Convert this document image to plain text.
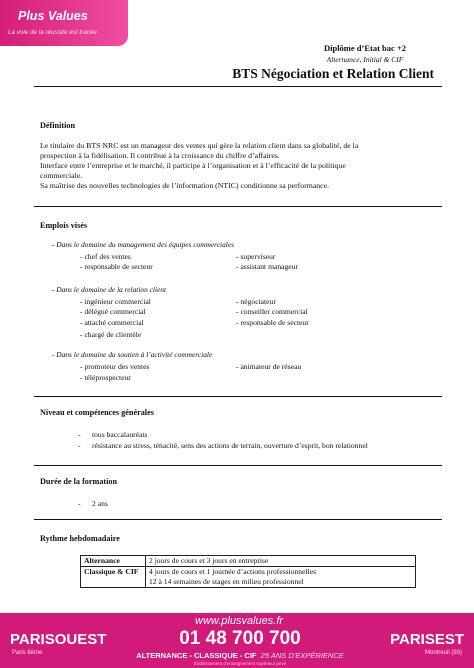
Plus Values
La voie de la réussite est tracée
Diplôme d’Etat bac +2
Alternance, Initial & CIF
BTS Négociation et Relation Client
Définition
Le titulaire du BTS NRC est un manageur des ventes qui gère la relation client dans sa globalité, de la
prospection à la fidélisation. Il contribue à la croissance du chiffre d’affaires.
Interface entre l’entreprise et le marché, il participe à l’organisation et à l’efficacité de la politique
commerciale.
Sa maîtrise des nouvelles technologies de l’information (NTIC) conditionne sa performance.
Emplois visés
- Dans le domaine du management des équipes commerciales
- chef des ventes
- responsable de secteur
- superviseur
- assistant manageur
- Dans le domaine de la relation client
- ingénieur commercial
- délégué commercial
- attaché commercial
- chargé de clientèle
- négociateur
- conseiller commercial
- responsable de secteur
- Dans le domaine du soutien à l’activité commerciale
- promoteur des ventes
- téléprospecteur
- animateur de réseau
Niveau et compétences générales
- tous baccalauréats
- résistance au stress, ténacité, sens des actions de terrain, ouverture d’esprit, bon relationnel
Durée de la formation
- 2 ans
Rythme hebdomadaire
Alternance	2 jours de cours et 3 jours en entreprise

Classique & CIF	4 jours de cours et 1 journée d’actions professionnelles
12 à 14 semaines de stages en milieu professionnel
www.plusvalues.fr
PARISOUEST
Paris 8ème
01 48 700 700
ALTERNANCE - CLASSIQUE - CIF 25 ANS D’EXPÉRIENCE
Établissement d’enseignement supérieur privé
PARISEST
Montreuil (93)
